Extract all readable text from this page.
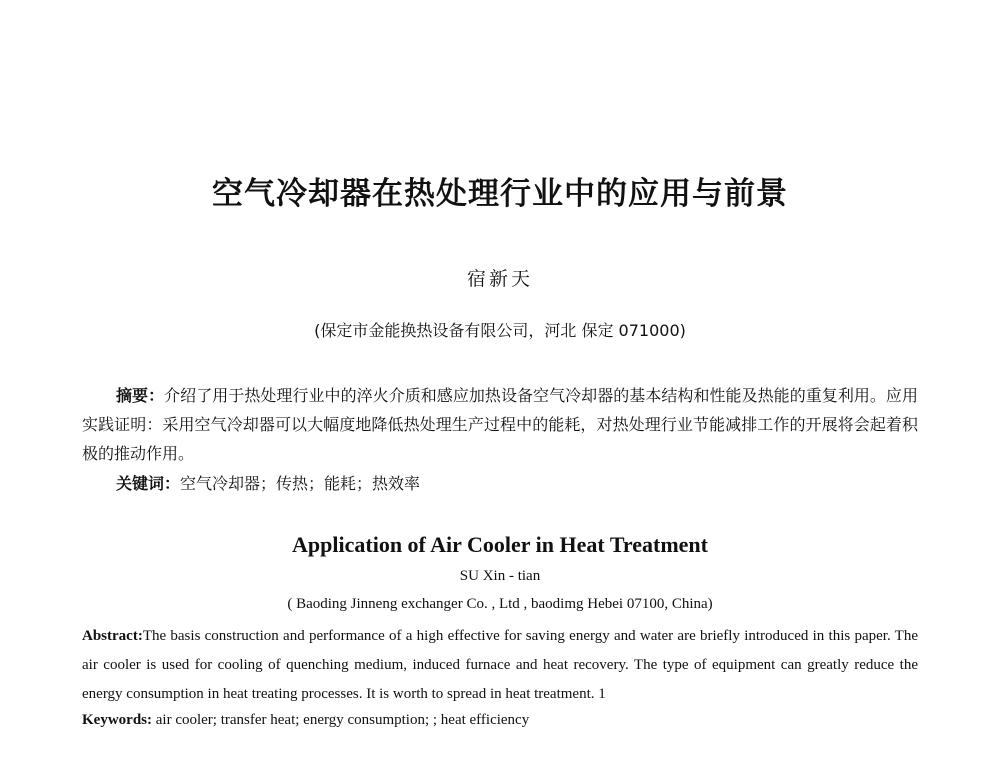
空气冷却器在热处理行业中的应用与前景
宿新天
(保定市金能换热设备有限公司，河北 保定 071000)
摘要：介绍了用于热处理行业中的淬火介质和感应加热设备空气冷却器的基本结构和性能及热能的重复利用。应用实践证明：采用空气冷却器可以大幅度地降低热处理生产过程中的能耗，对热处理行业节能减排工作的开展将会起着积极的推动作用。
关键词：空气冷却器；传热；能耗；热效率
Application of Air Cooler in Heat Treatment
SU Xin - tian
( Baoding Jinneng exchanger Co. , Ltd , baodimg Hebei 07100, China)
Abstract:The basis construction and performance of a high effective for saving energy and water are briefly introduced in this paper. The air cooler is used for cooling of quenching medium, induced furnace and heat recovery. The type of equipment can greatly reduce the energy consumption in heat treating processes. It is worth to spread in heat treatment. 1
Keywords: air cooler; transfer heat; energy consumption; ; heat efficiency
